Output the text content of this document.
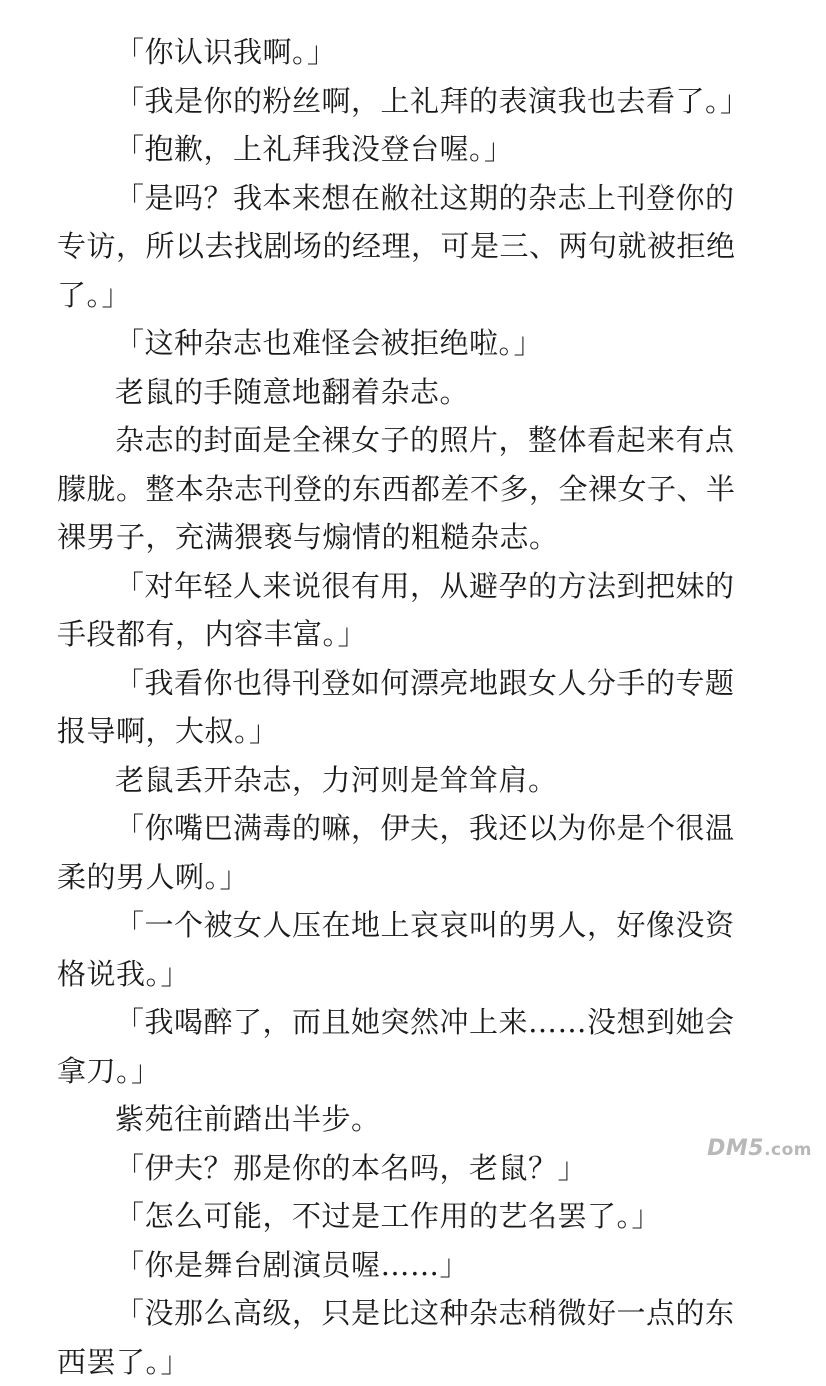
「你认识我啊。」

「我是你的粉丝啊，上礼拜的表演我也去看了。」

「抱歉，上礼拜我没登台喔。」

「是吗？我本来想在敝社这期的杂志上刊登你的专访，所以去找剧场的经理，可是三、两句就被拒绝了。」

「这种杂志也难怪会被拒绝啦。」

老鼠的手随意地翻着杂志。

杂志的封面是全裸女子的照片，整体看起来有点朦胧。整本杂志刊登的东西都差不多，全裸女子、半裸男子，充满猥亵与煽情的粗糙杂志。

「对年轻人来说很有用，从避孕的方法到把妹的手段都有，内容丰富。」

「我看你也得刊登如何漂亮地跟女人分手的专题报导啊，大叔。」

老鼠丢开杂志，力河则是耸耸肩。

「你嘴巴满毒的嘛，伊夫，我还以为你是个很温柔的男人咧。」

「一个被女人压在地上哀哀叫的男人，好像没资格说我。」

「我喝醉了，而且她突然冲上来……没想到她会拿刀。」

紫苑往前踏出半步。

「伊夫？那是你的本名吗，老鼠？」

「怎么可能，不过是工作用的艺名罢了。」

「你是舞台剧演员喔……」

「没那么高级，只是比这种杂志稍微好一点的东西罢了。」

DM5.com
